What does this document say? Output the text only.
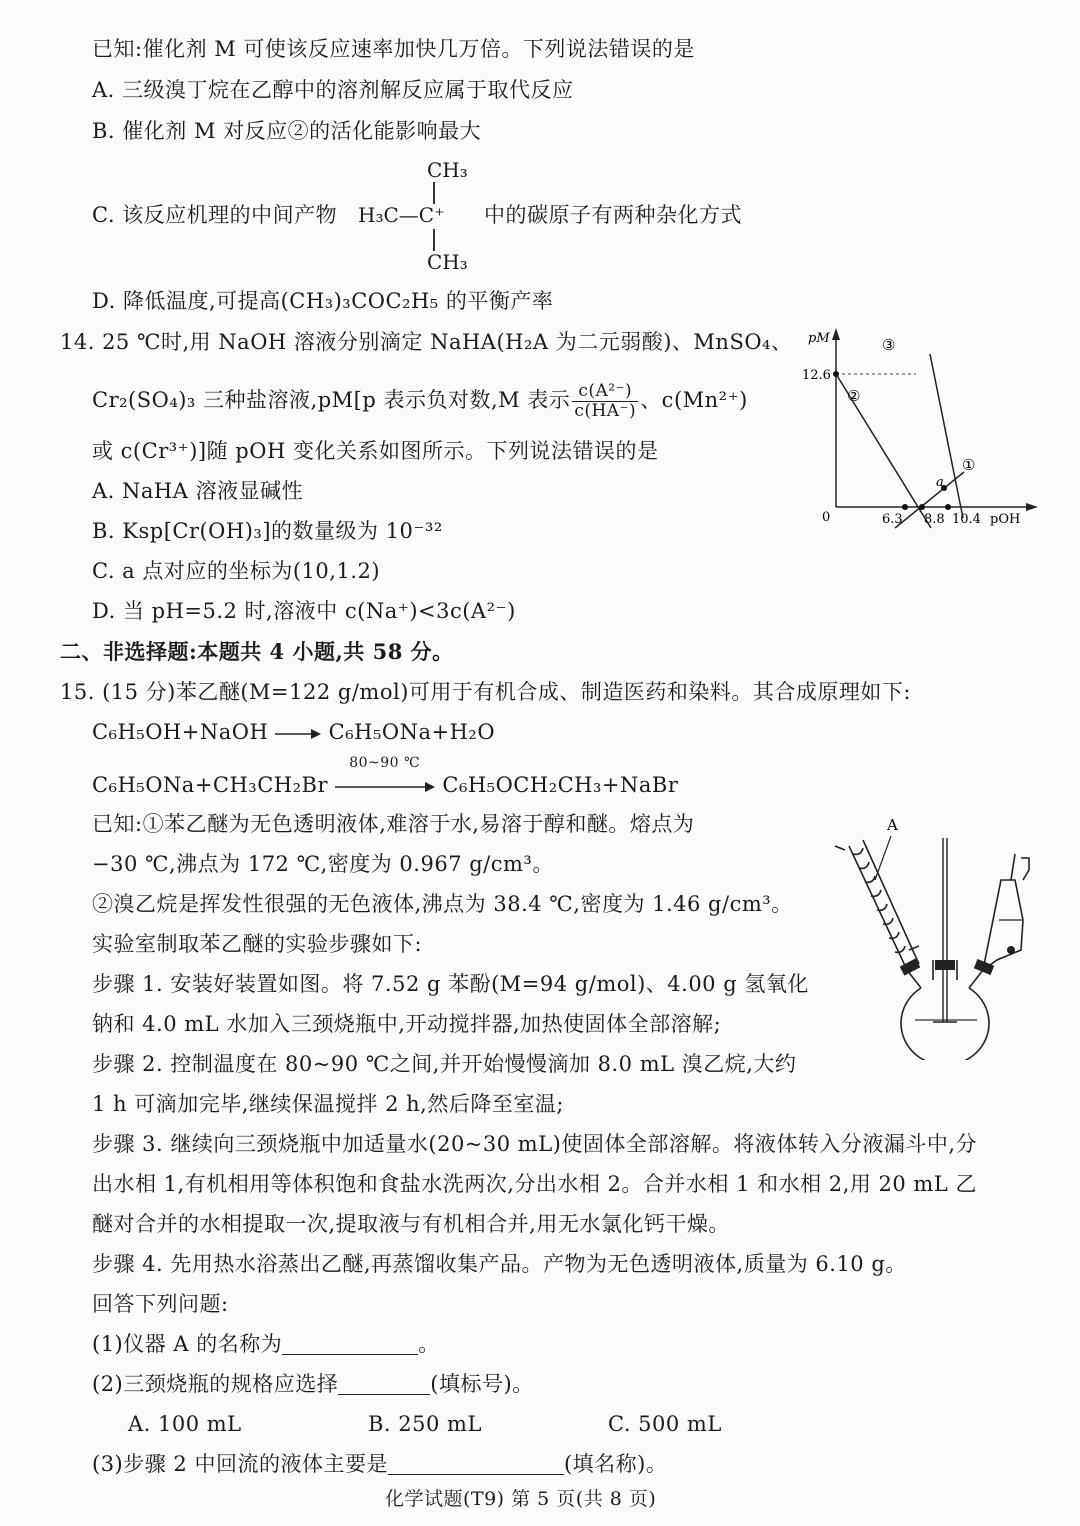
已知:催化剂 M 可使该反应速率加快几万倍。下列说法错误的是
A. 三级溴丁烷在乙醇中的溶剂解反应属于取代反应
B. 催化剂 M 对反应②的活化能影响最大
C. 该反应机理的中间产物
CH₃
H₃C—C⁺
CH₃
中的碳原子有两种杂化方式
D. 降低温度,可提高(CH₃)₃COC₂H₅ 的平衡产率
14. 25 ℃时,用 NaOH 溶液分别滴定 NaHA(H₂A 为二元弱酸)、MnSO₄、
Cr₂(SO₄)₃ 三种盐溶液,pM[p 表示负对数,M 表示 $\frac{\text{c(A²⁻)}}{c(HA^-)}$ 、c(Mn²⁺)
或 c(Cr³⁺)]随 pOH 变化关系如图所示。下列说法错误的是
A. NaHA 溶液显碱性
B. Ksp[Cr(OH)₃]的数量级为 10⁻³²
C. a 点对应的坐标为(10,1.2)
D. 当 pH=5.2 时,溶液中 c(Na⁺)<3c(A²⁻)
pM
12.6
0	6.3 8.8 10.4 pOH
②
③
①
a
二、非选择题:本题共 4 小题,共 58 分。
15. (15 分)苯乙醚(M=122 g/mol)可用于有机合成、制造医药和染料。其合成原理如下:
C₆H₅OH+NaOH → C₆H₅ONa+H₂O
C₆H₅ONa+CH₃CH₂Br
80~90 ℃
C₆H₅OCH₂CH₃+NaBr
已知:①苯乙醚为无色透明液体,难溶于水,易溶于醇和醚。熔点为
−30 ℃,沸点为 172 ℃,密度为 0.967 g/cm³。
②溴乙烷是挥发性很强的无色液体,沸点为 38.4 ℃,密度为 1.46 g/cm³。
实验室制取苯乙醚的实验步骤如下:
步骤 1. 安装好装置如图。将 7.52 g 苯酚(M=94 g/mol)、4.00 g 氢氧化
钠和 4.0 mL 水加入三颈烧瓶中,开动搅拌器,加热使固体全部溶解;
步骤 2. 控制温度在 80~90 ℃之间,并开始慢慢滴加 8.0 mL 溴乙烷,大约
1 h 可滴加完毕,继续保温搅拌 2 h,然后降至室温;
步骤 3. 继续向三颈烧瓶中加适量水(20~30 mL)使固体全部溶解。将液体转入分液漏斗中,分
出水相 1,有机相用等体积饱和食盐水洗两次,分出水相 2。合并水相 1 和水相 2,用 20 mL 乙
醚对合并的水相提取一次,提取液与有机相合并,用无水氯化钙干燥。
步骤 4. 先用热水浴蒸出乙醚,再蒸馏收集产品。产物为无色透明液体,质量为 6.10 g。
回答下列问题:
(1)仪器 A 的名称为	。
(2)三颈烧瓶的规格应选择	(填标号)。
A. 100 mL	B. 250 mL	C. 500 mL
(3)步骤 2 中回流的液体主要是	(填名称)。
A
化学试题(T9) 第 5 页(共 8 页)
